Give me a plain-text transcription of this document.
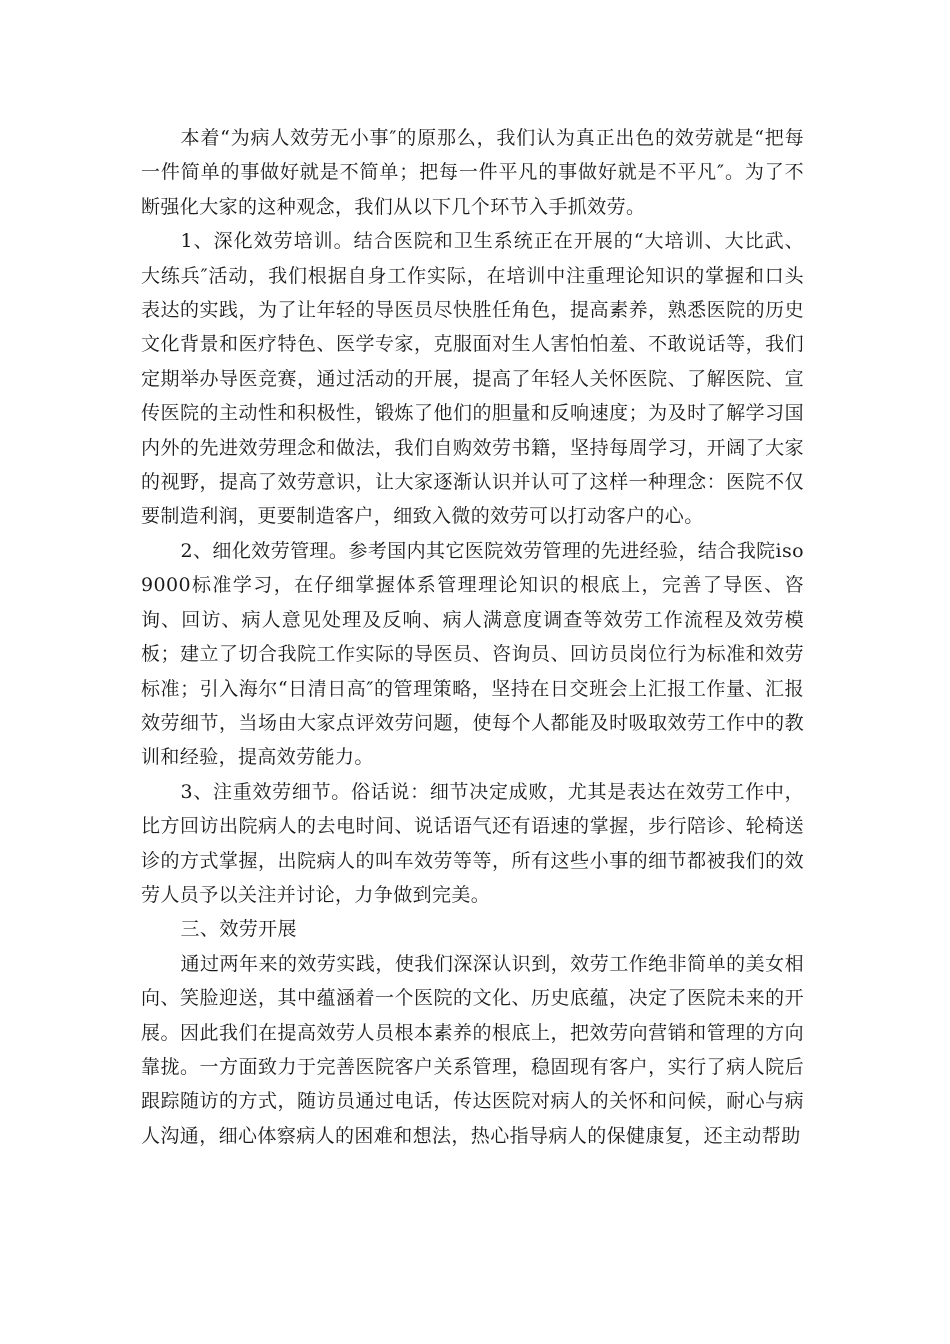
本着“为病人效劳无小事″的原那么，我们认为真正出色的效劳就是“把每一件简单的事做好就是不简单；把每一件平凡的事做好就是不平凡″。为了不断强化大家的这种观念，我们从以下几个环节入手抓效劳。

1、深化效劳培训。结合医院和卫生系统正在开展的“大培训、大比武、大练兵″活动，我们根据自身工作实际，在培训中注重理论知识的掌握和口头表达的实践，为了让年轻的导医员尽快胜任角色，提高素养，熟悉医院的历史文化背景和医疗特色、医学专家，克服面对生人害怕怕羞、不敢说话等，我们定期举办导医竞赛，通过活动的开展，提高了年轻人关怀医院、了解医院、宣传医院的主动性和积极性，锻炼了他们的胆量和反响速度；为及时了解学习国内外的先进效劳理念和做法，我们自购效劳书籍，坚持每周学习，开阔了大家的视野，提高了效劳意识，让大家逐渐认识并认可了这样一种理念：医院不仅要制造利润，更要制造客户，细致入微的效劳可以打动客户的心。

2、细化效劳管理。参考国内其它医院效劳管理的先进经验，结合我院iso9000标准学习，在仔细掌握体系管理理论知识的根底上，完善了导医、咨询、回访、病人意见处理及反响、病人满意度调查等效劳工作流程及效劳模板；建立了切合我院工作实际的导医员、咨询员、回访员岗位行为标准和效劳标准；引入海尔“日清日高″的管理策略，坚持在日交班会上汇报工作量、汇报效劳细节，当场由大家点评效劳问题，使每个人都能及时吸取效劳工作中的教训和经验，提高效劳能力。

3、注重效劳细节。俗话说：细节决定成败，尤其是表达在效劳工作中，比方回访出院病人的去电时间、说话语气还有语速的掌握，步行陪诊、轮椅送诊的方式掌握，出院病人的叫车效劳等等，所有这些小事的细节都被我们的效劳人员予以关注并讨论，力争做到完美。

三、效劳开展

通过两年来的效劳实践，使我们深深认识到，效劳工作绝非简单的美女相向、笑脸迎送，其中蕴涵着一个医院的文化、历史底蕴，决定了医院未来的开展。因此我们在提高效劳人员根本素养的根底上，把效劳向营销和管理的方向靠拢。一方面致力于完善医院客户关系管理，稳固现有客户，实行了病人院后跟踪随访的方式，随访员通过电话，传达医院对病人的关怀和问候，耐心与病人沟通，细心体察病人的困难和想法，热心指导病人的保健康复，还主动帮助
